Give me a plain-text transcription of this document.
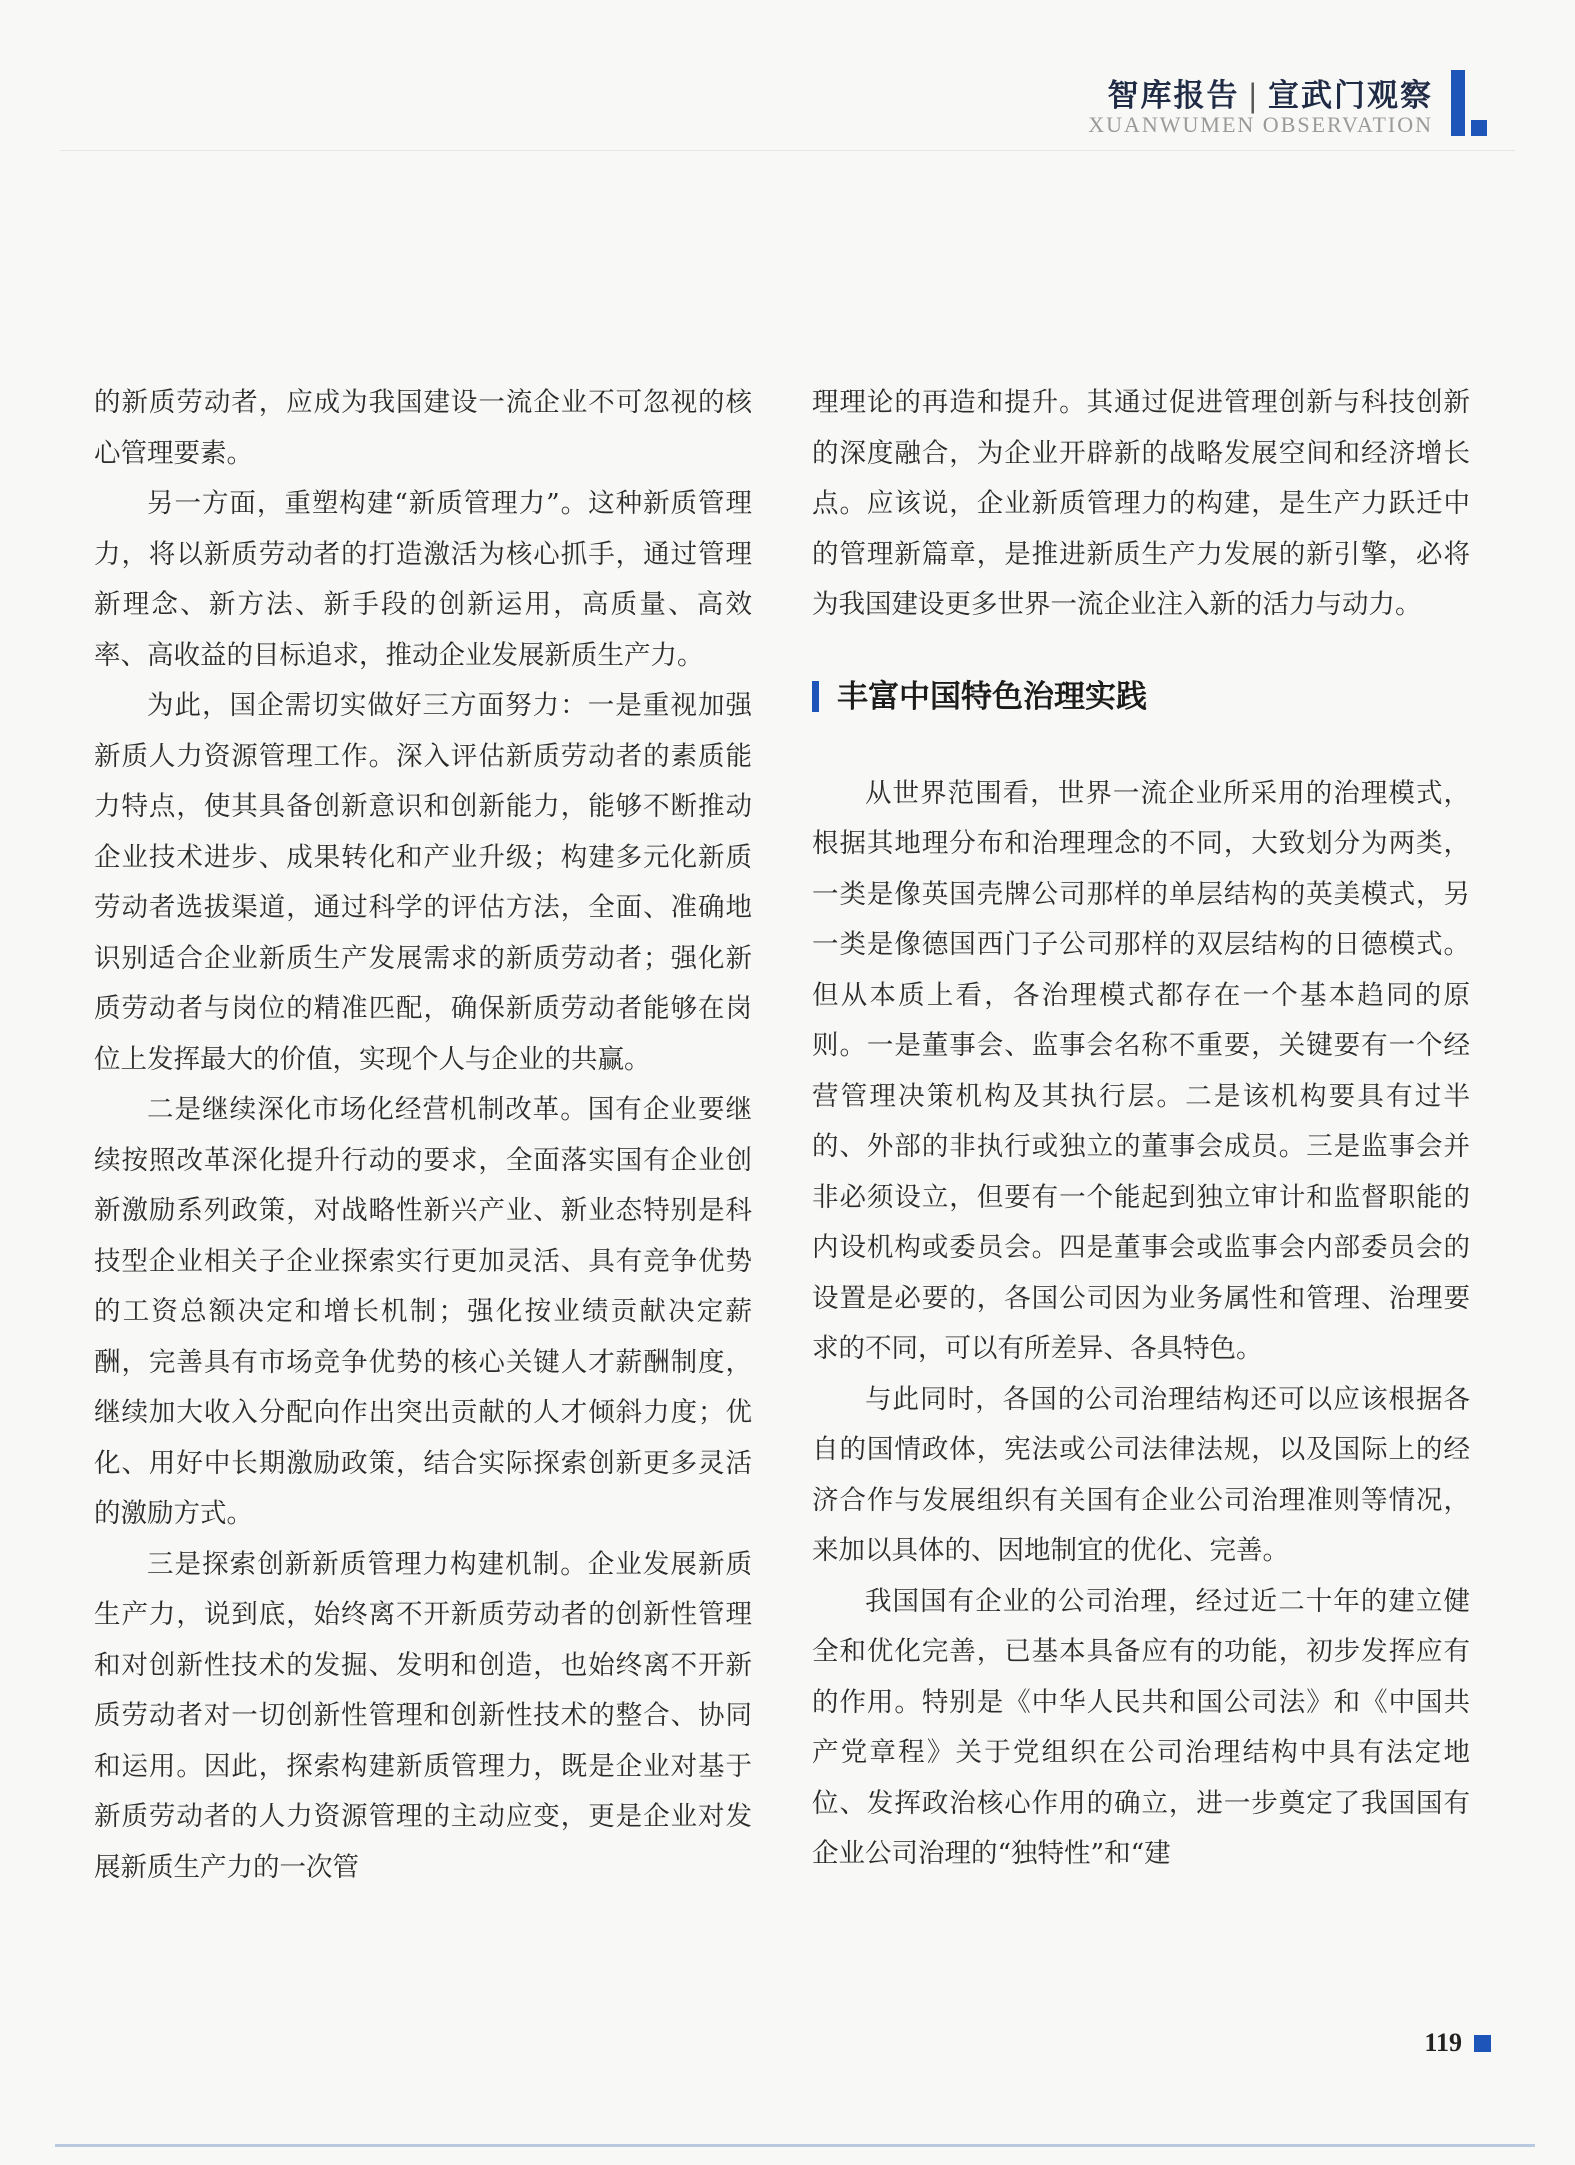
智库报告 | 宣武门观察
XUANWUMEN OBSERVATION

的新质劳动者，应成为我国建设一流企业不可忽视的核心管理要素。

另一方面，重塑构建“新质管理力”。这种新质管理力，将以新质劳动者的打造激活为核心抓手，通过管理新理念、新方法、新手段的创新运用，高质量、高效率、高收益的目标追求，推动企业发展新质生产力。

为此，国企需切实做好三方面努力：一是重视加强新质人力资源管理工作。深入评估新质劳动者的素质能力特点，使其具备创新意识和创新能力，能够不断推动企业技术进步、成果转化和产业升级；构建多元化新质劳动者选拔渠道，通过科学的评估方法，全面、准确地识别适合企业新质生产发展需求的新质劳动者；强化新质劳动者与岗位的精准匹配，确保新质劳动者能够在岗位上发挥最大的价值，实现个人与企业的共赢。

二是继续深化市场化经营机制改革。国有企业要继续按照改革深化提升行动的要求，全面落实国有企业创新激励系列政策，对战略性新兴产业、新业态特别是科技型企业相关子企业探索实行更加灵活、具有竞争优势的工资总额决定和增长机制；强化按业绩贡献决定薪酬，完善具有市场竞争优势的核心关键人才薪酬制度，继续加大收入分配向作出突出贡献的人才倾斜力度；优化、用好中长期激励政策，结合实际探索创新更多灵活的激励方式。

三是探索创新新质管理力构建机制。企业发展新质生产力，说到底，始终离不开新质劳动者的创新性管理和对创新性技术的发掘、发明和创造，也始终离不开新质劳动者对一切创新性管理和创新性技术的整合、协同和运用。因此，探索构建新质管理力，既是企业对基于新质劳动者的人力资源管理的主动应变，更是企业对发展新质生产力的一次管

理理论的再造和提升。其通过促进管理创新与科技创新的深度融合，为企业开辟新的战略发展空间和经济增长点。应该说，企业新质管理力的构建，是生产力跃迁中的管理新篇章，是推进新质生产力发展的新引擎，必将为我国建设更多世界一流企业注入新的活力与动力。

丰富中国特色治理实践

从世界范围看，世界一流企业所采用的治理模式，根据其地理分布和治理理念的不同，大致划分为两类，一类是像英国壳牌公司那样的单层结构的英美模式，另一类是像德国西门子公司那样的双层结构的日德模式。但从本质上看，各治理模式都存在一个基本趋同的原则。一是董事会、监事会名称不重要，关键要有一个经营管理决策机构及其执行层。二是该机构要具有过半的、外部的非执行或独立的董事会成员。三是监事会并非必须设立，但要有一个能起到独立审计和监督职能的内设机构或委员会。四是董事会或监事会内部委员会的设置是必要的，各国公司因为业务属性和管理、治理要求的不同，可以有所差异、各具特色。

与此同时，各国的公司治理结构还可以应该根据各自的国情政体，宪法或公司法律法规，以及国际上的经济合作与发展组织有关国有企业公司治理准则等情况，来加以具体的、因地制宜的优化、完善。

我国国有企业的公司治理，经过近二十年的建立健全和优化完善，已基本具备应有的功能，初步发挥应有的作用。特别是《中华人民共和国公司法》和《中国共产党章程》关于党组织在公司治理结构中具有法定地位、发挥政治核心作用的确立，进一步奠定了我国国有企业公司治理的“独特性”和“建

119
